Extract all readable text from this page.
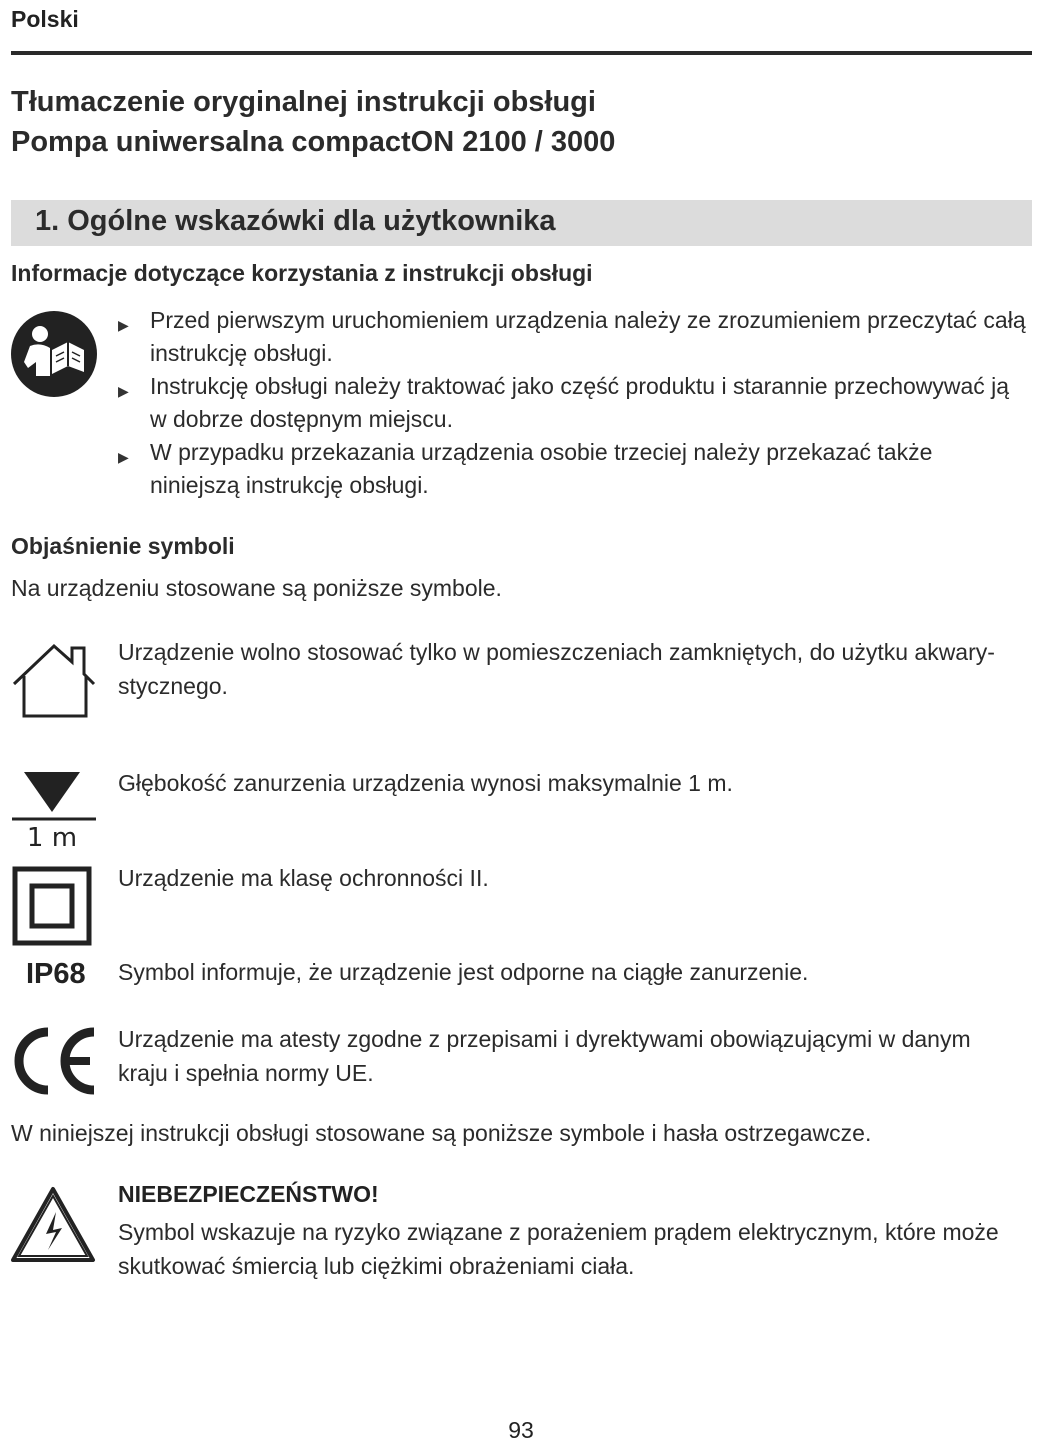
Polski
Tłumaczenie oryginalnej instrukcji obsługi
Pompa uniwersalna compactON 2100 / 3000
1. Ogólne wskazówki dla użytkownika
Informacje dotyczące korzystania z instrukcji obsługi
▶ Przed pierwszym uruchomieniem urządzenia należy ze zrozumieniem przeczytać całą instrukcję obsługi.
▶ Instrukcję obsługi należy traktować jako część produktu i starannie przechowywać ją w dobrze dostępnym miejscu.
▶ W przypadku przekazania urządzenia osobie trzeciej należy przekazać także niniejszą instrukcję obsługi.
Objaśnienie symboli
Na urządzeniu stosowane są poniższe symbole.
Urządzenie wolno stosować tylko w pomieszczeniach zamkniętych, do użytku akwary-stycznego.
1 m
Głębokość zanurzenia urządzenia wynosi maksymalnie 1 m.
Urządzenie ma klasę ochronności II.
IP68 Symbol informuje, że urządzenie jest odporne na ciągłe zanurzenie.
Urządzenie ma atesty zgodne z przepisami i dyrektywami obowiązującymi w danym kraju i spełnia normy UE.
W niniejszej instrukcji obsługi stosowane są poniższe symbole i hasła ostrzegawcze.
NIEBEZPIECZEŃSTWO!
Symbol wskazuje na ryzyko związane z porażeniem prądem elektrycznym, które może skutkować śmiercią lub ciężkimi obrażeniami ciała.
93
